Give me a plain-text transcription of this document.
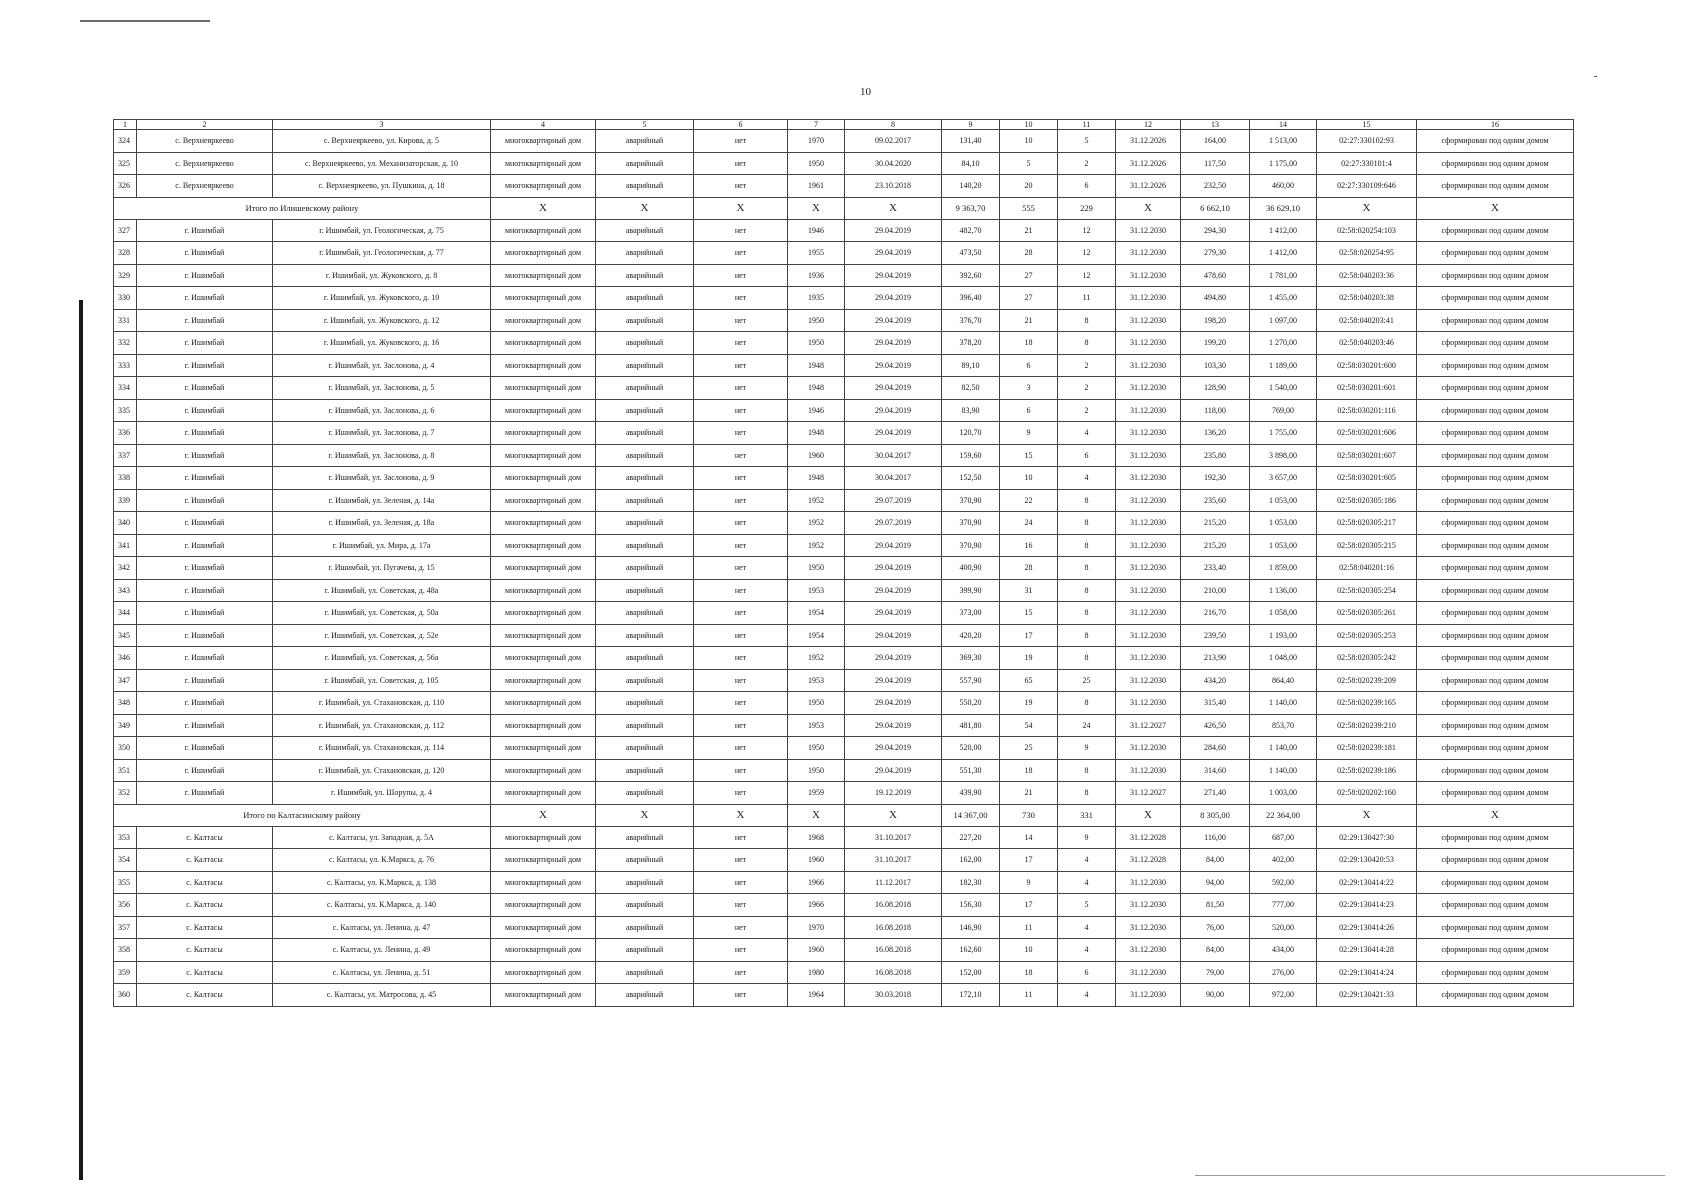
10
1	2	3	4	5	6	7	8	9	10	11	12	13	14	15	16
324	с. Верхнеяркеево	с. Верхнеяркеево, ул. Кирова, д. 5	многоквартирный дом	аварийный	нет	1970	09.02.2017	131,40	10	5	31.12.2026	164,00	1 513,00	02:27:330102:93	сформирован под одним домом
325	с. Верхнеяркеево	с. Верхнеяркеево, ул. Механизаторская, д. 10	многоквартирный дом	аварийный	нет	1950	30.04.2020	84,10	5	2	31.12.2026	117,50	1 175,00	02:27:330101:4	сформирован под одним домом
326	с. Верхнеяркеево	с. Верхнеяркеево, ул. Пушкина, д. 18	многоквартирный дом	аварийный	нет	1961	23.10.2018	140,20	20	6	31.12.2026	232,50	460,00	02:27:330109:646	сформирован под одним домом
Итого по Илишевскому району			X	X	X	X	X	9 363,70	555	229	X	6 662,10	36 629,10	X	X
327	г. Ишимбай	г. Ишимбай, ул. Геологическая, д. 75	многоквартирный дом	аварийный	нет	1946	29.04.2019	482,70	21	12	31.12.2030	294,30	1 412,00	02:58:020254:103	сформирован под одним домом
328	г. Ишимбай	г. Ишимбай, ул. Геологическая, д. 77	многоквартирный дом	аварийный	нет	1955	29.04.2019	473,50	28	12	31.12.2030	279,30	1 412,00	02:58:020254:95	сформирован под одним домом
329	г. Ишимбай	г. Ишимбай, ул. Жуковского, д. 8	многоквартирный дом	аварийный	нет	1936	29.04.2019	392,60	27	12	31.12.2030	478,60	1 781,00	02:58:040203:36	сформирован под одним домом
330	г. Ишимбай	г. Ишимбай, ул. Жуковского, д. 10	многоквартирный дом	аварийный	нет	1935	29.04.2019	396,40	27	11	31.12.2030	494,80	1 455,00	02:58:040203:38	сформирован под одним домом
331	г. Ишимбай	г. Ишимбай, ул. Жуковского, д. 12	многоквартирный дом	аварийный	нет	1950	29.04.2019	376,70	21	8	31.12.2030	198,20	1 097,00	02:58:040203:41	сформирован под одним домом
332	г. Ишимбай	г. Ишимбай, ул. Жуковского, д. 16	многоквартирный дом	аварийный	нет	1950	29.04.2019	378,20	18	8	31.12.2030	199,20	1 270,00	02:58:040203:46	сформирован под одним домом
333	г. Ишимбай	г. Ишимбай, ул. Заслонова, д. 4	многоквартирный дом	аварийный	нет	1948	29.04.2019	89,10	6	2	31.12.2030	103,30	1 189,00	02:58:030201:600	сформирован под одним домом
334	г. Ишимбай	г. Ишимбай, ул. Заслонова, д. 5	многоквартирный дом	аварийный	нет	1948	29.04.2019	82,50	3	2	31.12.2030	128,90	1 540,00	02:58:030201:601	сформирован под одним домом
335	г. Ишимбай	г. Ишимбай, ул. Заслонова, д. 6	многоквартирный дом	аварийный	нет	1946	29.04.2019	83,90	6	2	31.12.2030	118,00	769,00	02:58:030201:116	сформирован под одним домом
336	г. Ишимбай	г. Ишимбай, ул. Заслонова, д. 7	многоквартирный дом	аварийный	нет	1948	29.04.2019	120,70	9	4	31.12.2030	136,20	1 755,00	02:58:030201:606	сформирован под одним домом
337	г. Ишимбай	г. Ишимбай, ул. Заслонова, д. 8	многоквартирный дом	аварийный	нет	1960	30.04.2017	159,60	15	6	31.12.2030	235,80	3 898,00	02:58:030201:607	сформирован под одним домом
338	г. Ишимбай	г. Ишимбай, ул. Заслонова, д. 9	многоквартирный дом	аварийный	нет	1948	30.04.2017	152,50	10	4	31.12.2030	192,30	3 657,00	02:58:030201:605	сформирован под одним домом
339	г. Ишимбай	г. Ишимбай, ул. Зеленая, д. 14а	многоквартирный дом	аварийный	нет	1952	29.07.2019	370,90	22	8	31.12.2030	235,60	1 053,00	02:58:020305:186	сформирован под одним домом
340	г. Ишимбай	г. Ишимбай, ул. Зеленая, д. 18а	многоквартирный дом	аварийный	нет	1952	29.07.2019	370,90	24	8	31.12.2030	215,20	1 053,00	02:58:020305:217	сформирован под одним домом
341	г. Ишимбай	г. Ишимбай, ул. Мира, д. 17а	многоквартирный дом	аварийный	нет	1952	29.04.2019	370,90	16	8	31.12.2030	215,20	1 053,00	02:58:020305:215	сформирован под одним домом
342	г. Ишимбай	г. Ишимбай, ул. Пугачева, д. 15	многоквартирный дом	аварийный	нет	1950	29.04.2019	400,90	28	8	31.12.2030	233,40	1 859,00	02:58:040201:16	сформирован под одним домом
343	г. Ишимбай	г. Ишимбай, ул. Советская, д. 48а	многоквартирный дом	аварийный	нет	1953	29.04.2019	399,90	31	8	31.12.2030	210,00	1 136,00	02:58:020305:254	сформирован под одним домом
344	г. Ишимбай	г. Ишимбай, ул. Советская, д. 50а	многоквартирный дом	аварийный	нет	1954	29.04.2019	373,00	15	8	31.12.2030	216,70	1 058,00	02:58:020305:261	сформирован под одним домом
345	г. Ишимбай	г. Ишимбай, ул. Советская, д. 52е	многоквартирный дом	аварийный	нет	1954	29.04.2019	420,20	17	8	31.12.2030	239,50	1 193,00	02:58:020305:253	сформирован под одним домом
346	г. Ишимбай	г. Ишимбай, ул. Советская, д. 56а	многоквартирный дом	аварийный	нет	1952	29.04.2019	369,30	19	8	31.12.2030	213,90	1 048,00	02:58:020305:242	сформирован под одним домом
347	г. Ишимбай	г. Ишимбай, ул. Советская, д. 105	многоквартирный дом	аварийный	нет	1953	29.04.2019	557,90	65	25	31.12.2030	434,20	864,40	02:58:020239:209	сформирован под одним домом
348	г. Ишимбай	г. Ишимбай, ул. Стахановская, д. 110	многоквартирный дом	аварийный	нет	1950	29.04.2019	550,20	19	8	31.12.2030	315,40	1 140,00	02:58:020239:165	сформирован под одним домом
349	г. Ишимбай	г. Ишимбай, ул. Стахановская, д. 112	многоквартирный дом	аварийный	нет	1953	29.04.2019	481,80	54	24	31.12.2027	426,50	853,70	02:58:020239:210	сформирован под одним домом
350	г. Ишимбай	г. Ишимбай, ул. Стахановская, д. 114	многоквартирный дом	аварийный	нет	1950	29.04.2019	520,00	25	9	31.12.2030	284,60	1 140,00	02:58:020239:181	сформирован под одним домом
351	г. Ишимбай	г. Ишимбай, ул. Стахановская, д. 120	многоквартирный дом	аварийный	нет	1950	29.04.2019	551,30	18	8	31.12.2030	314,60	1 140,00	02:58:020239:186	сформирован под одним домом
352	г. Ишимбай	г. Ишимбай, ул. Шорупы, д. 4	многоквартирный дом	аварийный	нет	1959	19.12.2019	439,90	21	8	31.12.2027	271,40	1 003,00	02:58:020202:160	сформирован под одним домом
Итого по Калтасинскому району			X	X	X	X	X	14 367,00	730	331	X	8 305,00	22 364,00	X	X
353	с. Калтасы	с. Калтасы, ул. Западная, д. 5А	многоквартирный дом	аварийный	нет	1968	31.10.2017	227,20	14	9	31.12.2028	116,00	687,00	02:29:130427:30	сформирован под одним домом
354	с. Калтасы	с. Калтасы, ул. К.Маркса, д. 76	многоквартирный дом	аварийный	нет	1960	31.10.2017	162,00	17	4	31.12.2028	84,00	402,00	02:29:130420:53	сформирован под одним домом
355	с. Калтасы	с. Калтасы, ул. К.Маркса, д. 138	многоквартирный дом	аварийный	нет	1966	11.12.2017	182,30	9	4	31.12.2030	94,00	592,00	02:29:130414:22	сформирован под одним домом
356	с. Калтасы	с. Калтасы, ул. К.Маркса, д. 140	многоквартирный дом	аварийный	нет	1966	16.08.2018	156,30	17	5	31.12.2030	81,50	777,00	02:29:130414:23	сформирован под одним домом
357	с. Калтасы	с. Калтасы, ул. Ленина, д. 47	многоквартирный дом	аварийный	нет	1970	16.08.2018	146,90	11	4	31.12.2030	76,00	520,00	02:29:130414:26	сформирован под одним домом
358	с. Калтасы	с. Калтасы, ул. Ленина, д. 49	многоквартирный дом	аварийный	нет	1960	16.08.2018	162,60	10	4	31.12.2030	84,00	434,00	02:29:130414:28	сформирован под одним домом
359	с. Калтасы	с. Калтасы, ул. Ленина, д. 51	многоквартирный дом	аварийный	нет	1980	16.08.2018	152,00	18	6	31.12.2030	79,00	276,00	02:29:130414:24	сформирован под одним домом
360	с. Калтасы	с. Калтасы, ул. Матросова, д. 45	многоквартирный дом	аварийный	нет	1964	30.03.2018	172,10	11	4	31.12.2030	90,00	972,00	02:29:130421:33	сформирован под одним домом
